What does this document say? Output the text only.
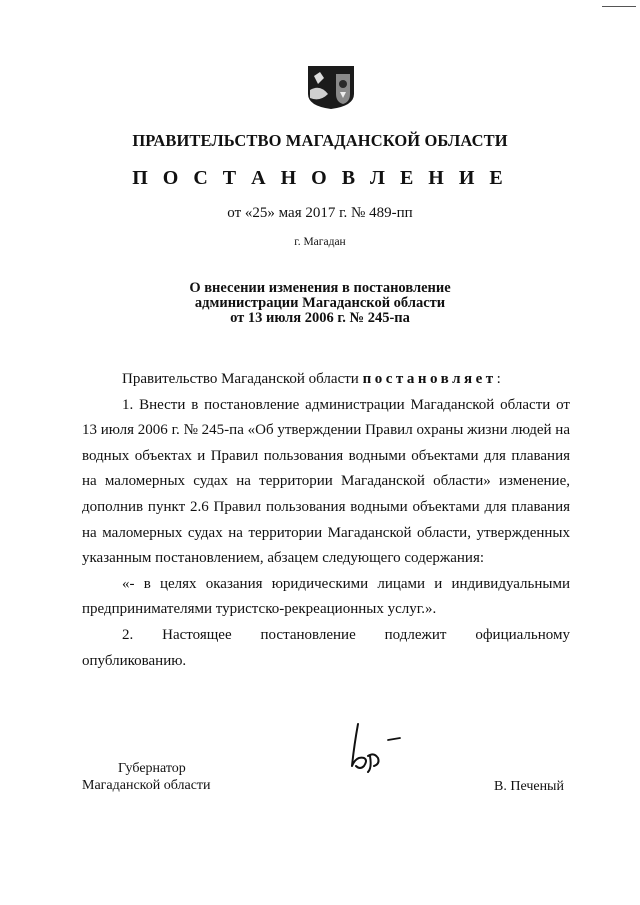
ПРАВИТЕЛЬСТВО МАГАДАНСКОЙ ОБЛАСТИ
П О С Т А Н О В Л Е Н И Е
от «25» мая 2017 г. № 489-пп
г. Магадан
О внесении изменения в постановление
администрации Магаданской области
от 13 июля 2006 г. № 245-па

Правительство Магаданской области постановляет:

1. Внести в постановление администрации Магаданской области от 13 июля 2006 г. № 245-па «Об утверждении Правил охраны жизни людей на водных объектах и Правил пользования водными объектами для плавания на маломерных судах на территории Магаданской области» изменение, дополнив пункт 2.6 Правил пользования водными объектами для плавания на маломерных судах на территории Магаданской области, утвержденных указанным постановлением, абзацем следующего содержания:

«- в целях оказания юридическими лицами и индивидуальными предпринимателями туристско-рекреационных услуг.».

2. Настоящее постановление подлежит официальному опубликованию.

Губернатор
Магаданской области	В. Печеный
